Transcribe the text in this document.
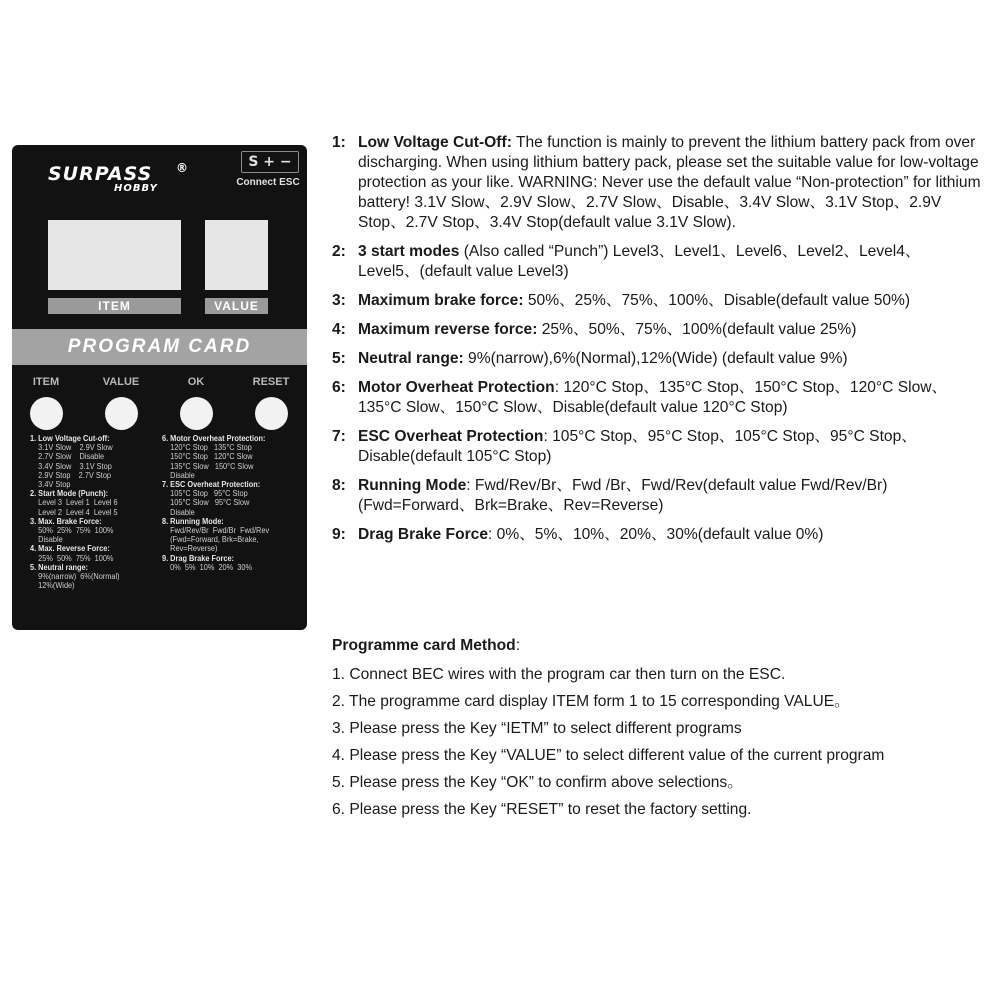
SURPASS ®
HOBBY
S + −
Connect ESC
ITEM	VALUE
PROGRAM CARD
ITEM	VALUE	OK	RESET
1. Low Voltage Cut-off:
3.1V Slow    2.9V Slow
2.7V Slow    Disable
3.4V Slow    3.1V Stop
2.9V Stop    2.7V Stop
3.4V Stop
2. Start Mode (Punch):
Level 3  Level 1  Level 6
Level 2  Level 4  Level 5
3. Max. Brake Force:
50%  25%  75%  100%
Disable
4. Max. Reverse Force:
25%  50%  75%  100%
5. Neutral range:
9%(narrow)  6%(Normal)
12%(Wide)
6. Motor Overheat Protection:
120°C Stop   135°C Stop
150°C Stop   120°C Slow
135°C Slow   150°C Slow
Disable
7. ESC Overheat Protection:
105°C Stop   95°C Stop
105°C Slow   95°C Slow
Disable
8. Running Mode:
Fwd/Rev/Br  Fwd/Br  Fwd/Rev
(Fwd=Forward, Brk=Brake,
Rev=Reverse)
9. Drag Brake Force:
0%  5%  10%  20%  30%
1: Low Voltage Cut-Off: The function is mainly to prevent the lithium battery pack from over discharging. When using lithium battery pack, please set the suitable value for low-voltage protection as your like. WARNING: Never use the default value “Non-protection” for lithium battery! 3.1V Slow、2.9V Slow、2.7V Slow、Disable、3.4V Slow、3.1V Stop、2.9V Stop、2.7V Stop、3.4V Stop(default value 3.1V Slow).
2: 3 start modes (Also called “Punch”) Level3、Level1、Level6、Level2、Level4、Level5、(default value Level3)
3: Maximum brake force: 50%、25%、75%、100%、Disable(default value 50%)
4: Maximum reverse force: 25%、50%、75%、100%(default value 25%)
5: Neutral range: 9%(narrow),6%(Normal),12%(Wide) (default value 9%)
6: Motor Overheat Protection: 120°C Stop、135°C Stop、150°C Stop、120°C Slow、135°C Slow、150°C Slow、Disable(default value 120°C Stop)
7: ESC Overheat Protection: 105°C Stop、95°C Stop、105°C Stop、95°C Stop、Disable(default 105°C Stop)
8: Running Mode: Fwd/Rev/Br、Fwd /Br、Fwd/Rev(default value Fwd/Rev/Br)(Fwd=Forward、Brk=Brake、Rev=Reverse)
9: Drag Brake Force: 0%、5%、10%、20%、30%(default value 0%)
Programme card Method:
1. Connect BEC wires with the program car then turn on the ESC.
2. The programme card display ITEM form 1 to 15 corresponding VALUE。
3. Please press the Key “IETM” to select different programs
4. Please press the Key “VALUE” to select different value of the current program
5. Please press the Key “OK” to confirm above selections。
6. Please press the Key “RESET” to reset the factory setting.
